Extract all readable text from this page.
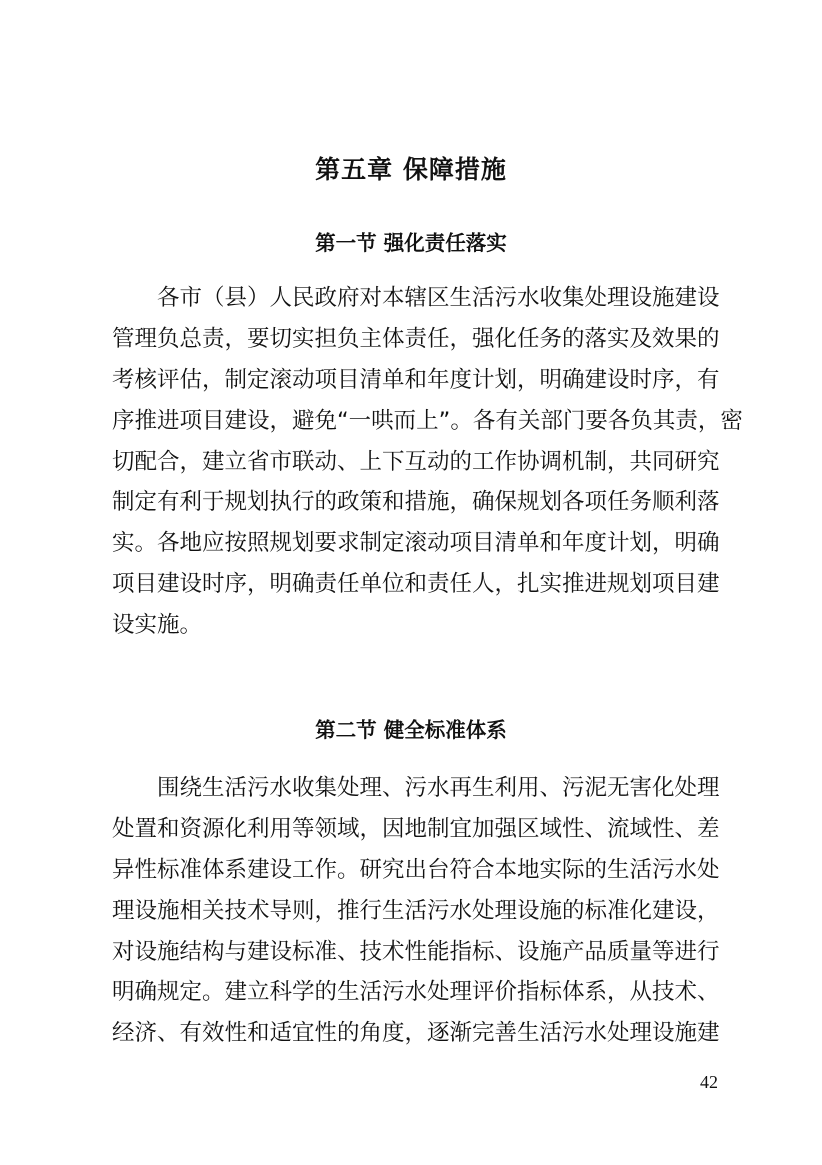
第五章 保障措施
第一节 强化责任落实
　　各市（县）人民政府对本辖区生活污水收集处理设施建设
管理负总责，要切实担负主体责任，强化任务的落实及效果的
考核评估，制定滚动项目清单和年度计划，明确建设时序，有
序推进项目建设，避免“一哄而上”。各有关部门要各负其责，密
切配合，建立省市联动、上下互动的工作协调机制，共同研究
制定有利于规划执行的政策和措施，确保规划各项任务顺利落
实。各地应按照规划要求制定滚动项目清单和年度计划，明确
项目建设时序，明确责任单位和责任人，扎实推进规划项目建
设实施。
第二节 健全标准体系
　　围绕生活污水收集处理、污水再生利用、污泥无害化处理
处置和资源化利用等领域，因地制宜加强区域性、流域性、差
异性标准体系建设工作。研究出台符合本地实际的生活污水处
理设施相关技术导则，推行生活污水处理设施的标准化建设，
对设施结构与建设标准、技术性能指标、设施产品质量等进行
明确规定。建立科学的生活污水处理评价指标体系，从技术、
经济、有效性和适宜性的角度，逐渐完善生活污水处理设施建
42
